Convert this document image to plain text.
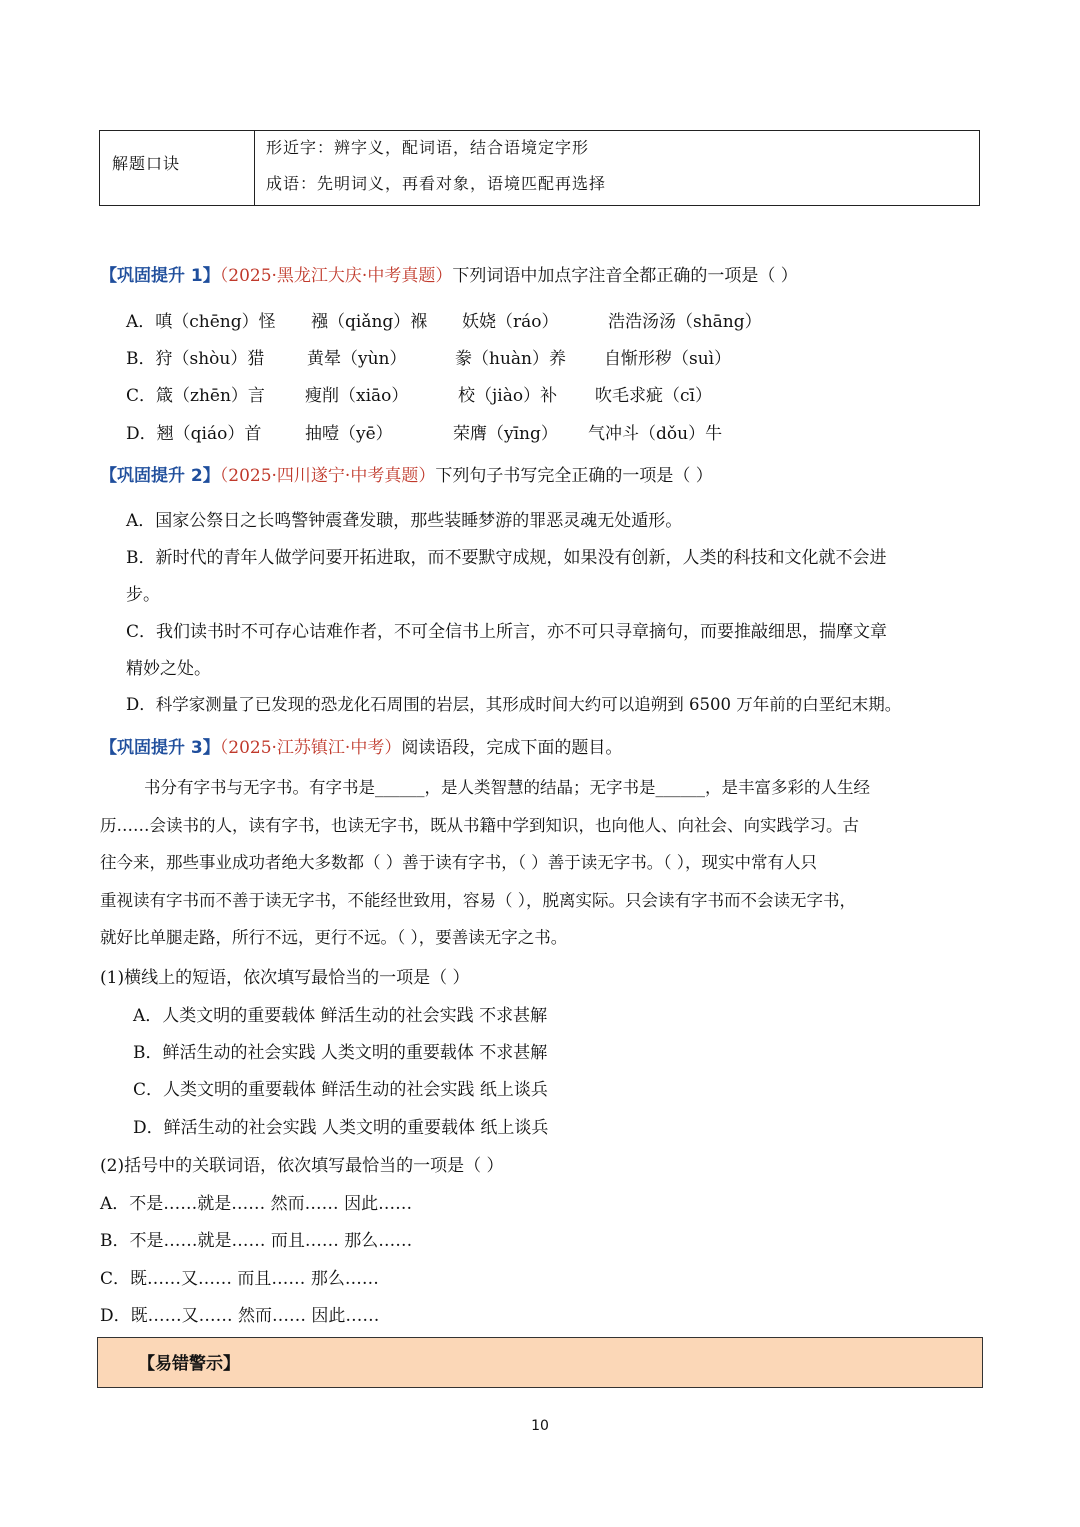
解题口诀
形近字：辨字义，配词语，结合语境定字形
成语：先明词义，再看对象，语境匹配再选择
【巩固提升 1】（2025·黑龙江大庆·中考真题）下列词语中加点字注音全都正确的一项是（ ）
A．嗔（chēng）怪 襁（qiǎng）褓 妖娆（ráo）	浩浩汤汤（shāng）
B．狩（shòu）猎	黄晕（yùn）	豢（huàn）养 自惭形秽（suì）
C．箴（zhēn）言 瘦削（xiāo）	校（jiào）补 吹毛求疵（cī）
D．翘（qiáo）首	抽噎（yē）	荣膺（yīng） 气冲斗（dǒu）牛
【巩固提升 2】（2025·四川遂宁·中考真题）下列句子书写完全正确的一项是（ ）
A．国家公祭日之长鸣警钟震聋发聩，那些装睡梦游的罪恶灵魂无处遁形。
B．新时代的青年人做学问要开拓进取，而不要默守成规，如果没有创新，人类的科技和文化就不会进
步。
C．我们读书时不可存心诘难作者，不可全信书上所言，亦不可只寻章摘句，而要推敲细思，揣摩文章
精妙之处。
D．科学家测量了已发现的恐龙化石周围的岩层，其形成时间大约可以追朔到 6500 万年前的白垩纪末期。
【巩固提升 3】（2025·江苏镇江·中考）阅读语段，完成下面的题目。
书分有字书与无字书。有字书是______，是人类智慧的结晶；无字书是______，是丰富多彩的人生经
历……会读书的人，读有字书，也读无字书，既从书籍中学到知识，也向他人、向社会、向实践学习。古
往今来，那些事业成功者绝大多数都（ ）善于读有字书，（ ）善于读无字书。（ ），现实中常有人只
重视读有字书而不善于读无字书，不能经世致用，容易（ ），脱离实际。只会读有字书而不会读无字书，
就好比单腿走路，所行不远，更行不远。（ ），要善读无字之书。
(1)横线上的短语，依次填写最恰当的一项是（ ）
A．人类文明的重要载体 鲜活生动的社会实践 不求甚解
B．鲜活生动的社会实践 人类文明的重要载体 不求甚解
C．人类文明的重要载体 鲜活生动的社会实践 纸上谈兵
D．鲜活生动的社会实践 人类文明的重要载体 纸上谈兵
(2)括号中的关联词语，依次填写最恰当的一项是（ ）
A．不是……就是…… 然而…… 因此……
B．不是……就是…… 而且…… 那么……
C．既……又…… 而且…… 那么……
D．既……又…… 然而…… 因此……
【易错警示】
10
